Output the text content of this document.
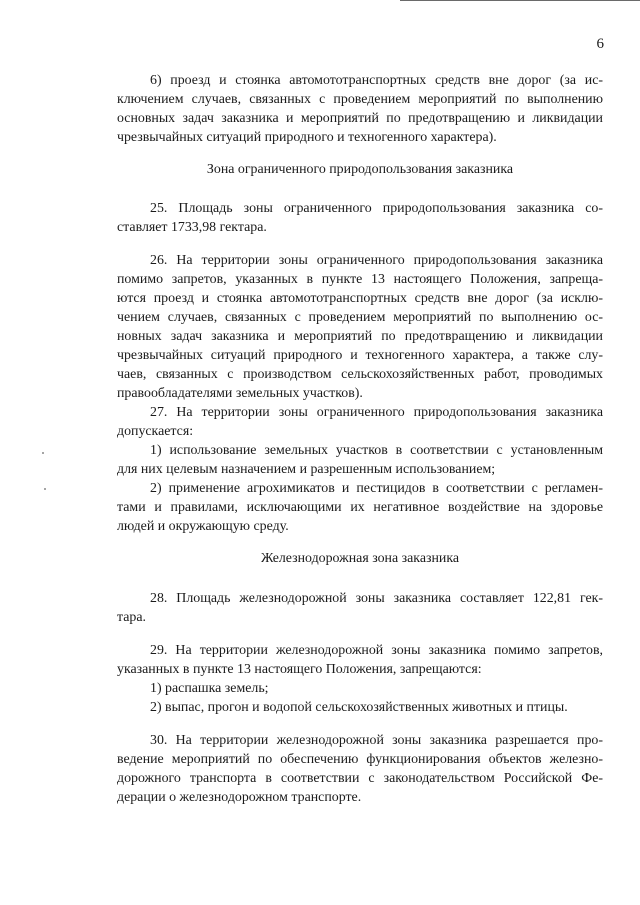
6
6) проезд и стоянка автомототранспортных средств вне дорог (за ис-
ключением случаев, связанных с проведением мероприятий по выполнению
основных задач заказника и мероприятий по предотвращению и ликвидации
чрезвычайных ситуаций природного и техногенного характера).
Зона ограниченного природопользования заказника
25. Площадь зоны ограниченного природопользования заказника со-
ставляет 1733,98 гектара.
26. На территории зоны ограниченного природопользования заказника
помимо запретов, указанных в пункте 13 настоящего Положения, запреща-
ются проезд и стоянка автомототранспортных средств вне дорог (за исклю-
чением случаев, связанных с проведением мероприятий по выполнению ос-
новных задач заказника и мероприятий по предотвращению и ликвидации
чрезвычайных ситуаций природного и техногенного характера, а также слу-
чаев, связанных с производством сельскохозяйственных работ, проводимых
правообладателями земельных участков).
27. На территории зоны ограниченного природопользования заказника
допускается:
1) использование земельных участков в соответствии с установленным
для них целевым назначением и разрешенным использованием;
2) применение агрохимикатов и пестицидов в соответствии с регламен-
тами и правилами, исключающими их негативное воздействие на здоровье
людей и окружающую среду.
Железнодорожная зона заказника
28. Площадь железнодорожной зоны заказника составляет 122,81 гек-
тара.
29. На территории железнодорожной зоны заказника помимо запретов,
указанных в пункте 13 настоящего Положения, запрещаются:
1) распашка земель;
2) выпас, прогон и водопой сельскохозяйственных животных и птицы.
30. На территории железнодорожной зоны заказника разрешается про-
ведение мероприятий по обеспечению функционирования объектов железно-
дорожного транспорта в соответствии с законодательством Российской Фе-
дерации о железнодорожном транспорте.
